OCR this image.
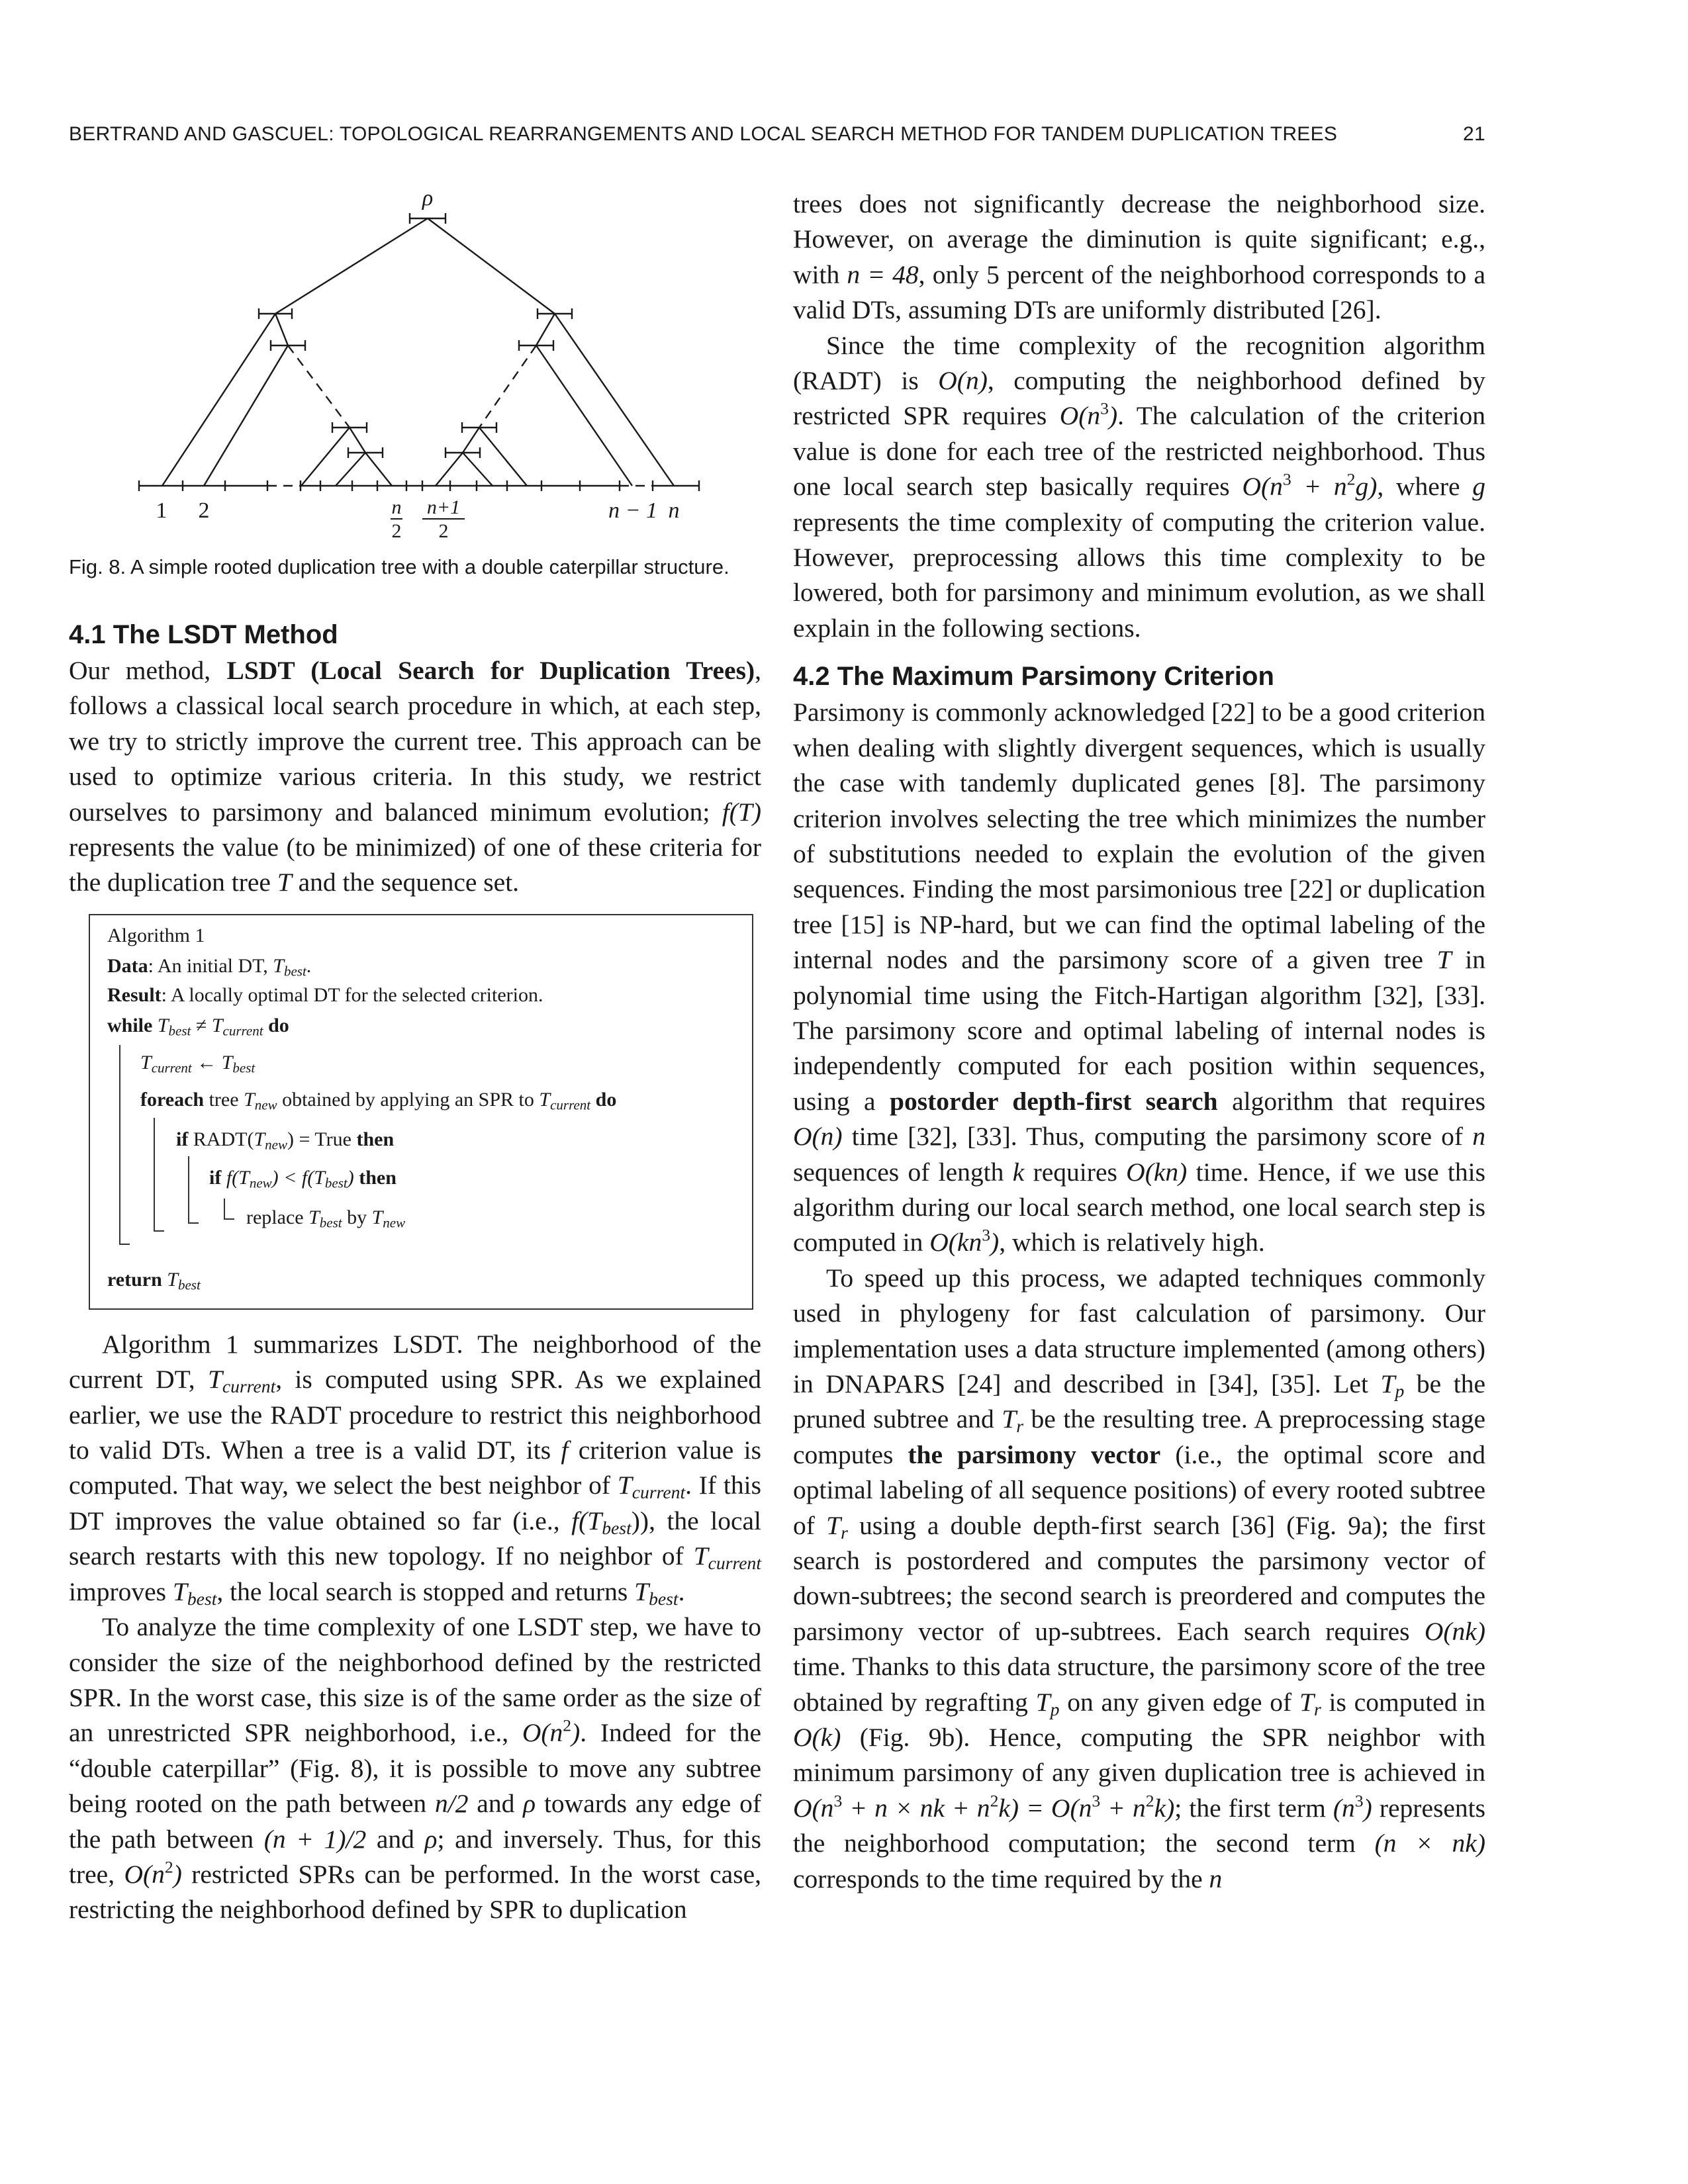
BERTRAND AND GASCUEL: TOPOLOGICAL REARRANGEMENTS AND LOCAL SEARCH METHOD FOR TANDEM DUPLICATION TREES	21
ρ
1 2	n
2
n+1
2
n − 1 n

Fig. 8. A simple rooted duplication tree with a double caterpillar structure.

4.1 The LSDT Method

Our method, LSDT (Local Search for Duplication Trees), follows a classical local search procedure in which, at each step, we try to strictly improve the current tree. This approach can be used to optimize various criteria. In this study, we restrict ourselves to parsimony and balanced minimum evolution; f(T) represents the value (to be minimized) of one of these criteria for the duplication tree T and the sequence set.

Algorithm 1
Data: An initial DT, $T_{best}$.
Result: A locally optimal DT for the selected criterion.
while $T_{best} \ne T_{current}$ do
$T_{current}$ ← $T_{best}$
foreach tree $T_{new}$ obtained by applying an SPR to $T_{current}$ do
if $RADT(T_{new})$ = True then
if $f(T_{new}) < f(T_{best})$ then
replace $T_{best}$ by $T_{new}$
return $T_{best}$

Algorithm 1 summarizes LSDT. The neighborhood of the current DT, $T_{current}$, is computed using SPR. As we explained earlier, we use the RADT procedure to restrict this neighborhood to valid DTs. When a tree is a valid DT, its f criterion value is computed. That way, we select the best neighbor of $T_{current}$. If this DT improves the value obtained so far (i.e., $f(T_{best})$), the local search restarts with this new topology. If no neighbor of $T_{current}$ improves $T_{best}$, the local search is stopped and returns $T_{best}$.

To analyze the time complexity of one LSDT step, we have to consider the size of the neighborhood defined by the restricted SPR. In the worst case, this size is of the same order as the size of an unrestricted SPR neighborhood, i.e., $O(n^2)$. Indeed for the “double caterpillar” (Fig. 8), it is possible to move any subtree being rooted on the path between n/2 and ρ towards any edge of the path between (n + 1)/2 and ρ; and inversely. Thus, for this tree, $O(n^2)$ restricted SPRs can be performed. In the worst case, restricting the neighborhood defined by SPR to duplication

trees does not significantly decrease the neighborhood size. However, on average the diminution is quite significant; e.g., with n = 48, only 5 percent of the neighborhood corresponds to a valid DTs, assuming DTs are uniformly distributed [26].

Since the time complexity of the recognition algorithm (RADT) is O(n), computing the neighborhood defined by restricted SPR requires $O(n^3)$. The calculation of the criterion value is done for each tree of the restricted neighborhood. Thus one local search step basically requires $O(n^3 + n^2g)$, where g represents the time complexity of computing the criterion value. However, preprocessing allows this time complexity to be lowered, both for parsimony and minimum evolution, as we shall explain in the following sections.

4.2 The Maximum Parsimony Criterion

Parsimony is commonly acknowledged [22] to be a good criterion when dealing with slightly divergent sequences, which is usually the case with tandemly duplicated genes [8]. The parsimony criterion involves selecting the tree which minimizes the number of substitutions needed to explain the evolution of the given sequences. Finding the most parsimonious tree [22] or duplication tree [15] is NP-hard, but we can find the optimal labeling of the internal nodes and the parsimony score of a given tree T in polynomial time using the Fitch-Hartigan algorithm [32], [33]. The parsimony score and optimal labeling of internal nodes is independently computed for each position within sequences, using a postorder depth-first search algorithm that requires O(n) time [32], [33]. Thus, computing the parsimony score of n sequences of length k requires O(kn) time. Hence, if we use this algorithm during our local search method, one local search step is computed in $O(kn^3)$, which is relatively high.

To speed up this process, we adapted techniques commonly used in phylogeny for fast calculation of parsimony. Our implementation uses a data structure implemented (among others) in DNAPARS [24] and described in [34], [35]. Let $T_p$ be the pruned subtree and $T_r$ be the resulting tree. A preprocessing stage computes the parsimony vector (i.e., the optimal score and optimal labeling of all sequence positions) of every rooted subtree of $T_r$ using a double depth-first search [36] (Fig. 9a); the first search is postordered and computes the parsimony vector of down-subtrees; the second search is preordered and computes the parsimony vector of up-subtrees. Each search requires O(nk) time. Thanks to this data structure, the parsimony score of the tree obtained by regrafting $T_p$ on any given edge of $T_r$ is computed in O(k) (Fig. 9b). Hence, computing the SPR neighbor with minimum parsimony of any given duplication tree is achieved in $O(n^3 + n$ × nk + $n^2k) = O(n^3 + n^2k)$; the first term $(n^3)$ represents the neighborhood computation; the second term (n × nk) corresponds to the time required by the n
